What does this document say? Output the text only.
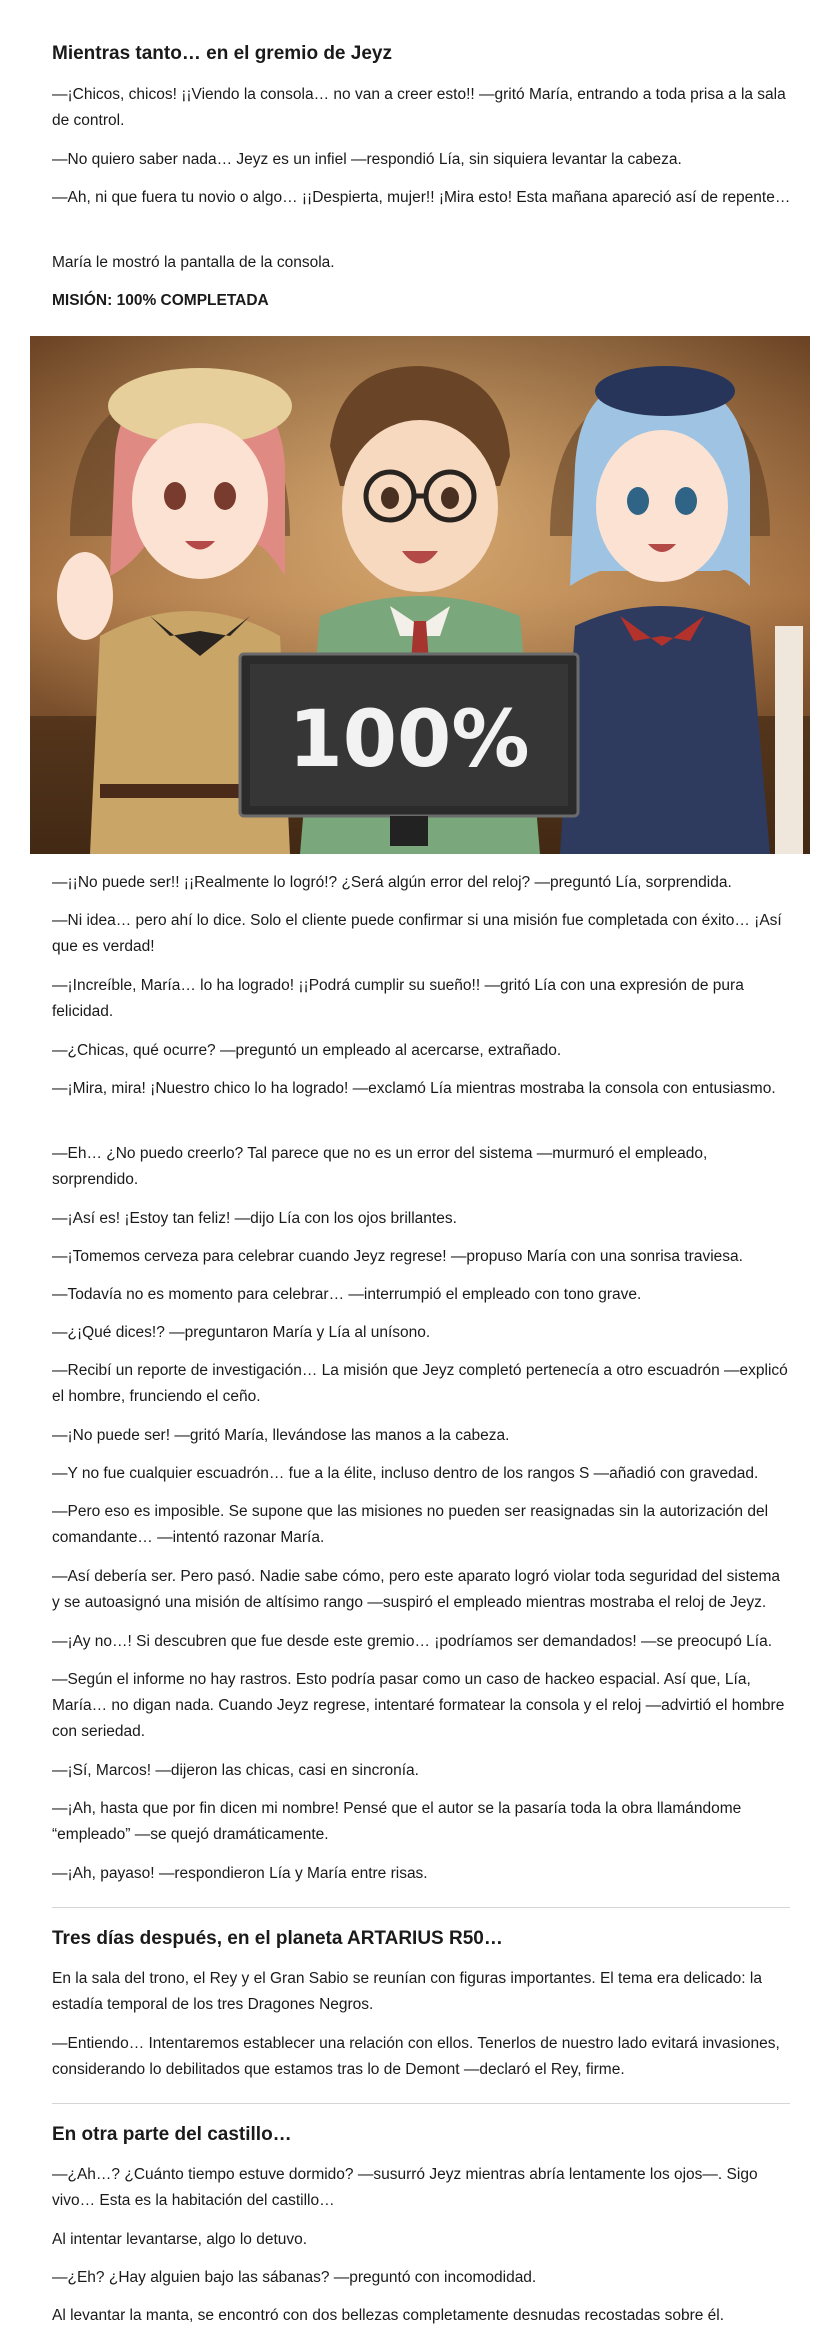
Mientras tanto… en el gremio de Jeyz

—¡Chicos, chicos! ¡¡Viendo la consola… no van a creer esto!! —gritó María, entrando a toda prisa a la sala de control.

—No quiero saber nada… Jeyz es un infiel —respondió Lía, sin siquiera levantar la cabeza.

—Ah, ni que fuera tu novio o algo… ¡¡Despierta, mujer!! ¡Mira esto! Esta mañana apareció así de repente…

María le mostró la pantalla de la consola.

MISIÓN: 100% COMPLETADA

100%

—¡¡No puede ser!! ¡¡Realmente lo logró!? ¿Será algún error del reloj? —preguntó Lía, sorprendida.

—Ni idea… pero ahí lo dice. Solo el cliente puede confirmar si una misión fue completada con éxito… ¡Así que es verdad!

—¡Increíble, María… lo ha logrado! ¡¡Podrá cumplir su sueño!! —gritó Lía con una expresión de pura felicidad.

—¿Chicas, qué ocurre? —preguntó un empleado al acercarse, extrañado.

—¡Mira, mira! ¡Nuestro chico lo ha logrado! —exclamó Lía mientras mostraba la consola con entusiasmo.

—Eh… ¿No puedo creerlo? Tal parece que no es un error del sistema —murmuró el empleado, sorprendido.

—¡Así es! ¡Estoy tan feliz! —dijo Lía con los ojos brillantes.

—¡Tomemos cerveza para celebrar cuando Jeyz regrese! —propuso María con una sonrisa traviesa.

—Todavía no es momento para celebrar… —interrumpió el empleado con tono grave.

—¿¡Qué dices!? —preguntaron María y Lía al unísono.

—Recibí un reporte de investigación… La misión que Jeyz completó pertenecía a otro escuadrón —explicó el hombre, frunciendo el ceño.

—¡No puede ser! —gritó María, llevándose las manos a la cabeza.

—Y no fue cualquier escuadrón… fue a la élite, incluso dentro de los rangos S —añadió con gravedad.

—Pero eso es imposible. Se supone que las misiones no pueden ser reasignadas sin la autorización del comandante… —intentó razonar María.

—Así debería ser. Pero pasó. Nadie sabe cómo, pero este aparato logró violar toda seguridad del sistema y se autoasignó una misión de altísimo rango —suspiró el empleado mientras mostraba el reloj de Jeyz.

—¡Ay no…! Si descubren que fue desde este gremio… ¡podríamos ser demandados! —se preocupó Lía.

—Según el informe no hay rastros. Esto podría pasar como un caso de hackeo espacial. Así que, Lía, María… no digan nada. Cuando Jeyz regrese, intentaré formatear la consola y el reloj —advirtió el hombre con seriedad.

—¡Sí, Marcos! —dijeron las chicas, casi en sincronía.

—¡Ah, hasta que por fin dicen mi nombre! Pensé que el autor se la pasaría toda la obra llamándome “empleado” —se quejó dramáticamente.

—¡Ah, payaso! —respondieron Lía y María entre risas.

Tres días después, en el planeta ARTARIUS R50…

En la sala del trono, el Rey y el Gran Sabio se reunían con figuras importantes. El tema era delicado: la estadía temporal de los tres Dragones Negros.

—Entiendo… Intentaremos establecer una relación con ellos. Tenerlos de nuestro lado evitará invasiones, considerando lo debilitados que estamos tras lo de Demont —declaró el Rey, firme.

En otra parte del castillo…

—¿Ah…? ¿Cuánto tiempo estuve dormido? —susurró Jeyz mientras abría lentamente los ojos—. Sigo vivo… Esta es la habitación del castillo…

Al intentar levantarse, algo lo detuvo.

—¿Eh? ¿Hay alguien bajo las sábanas? —preguntó con incomodidad.

Al levantar la manta, se encontró con dos bellezas completamente desnudas recostadas sobre él.
